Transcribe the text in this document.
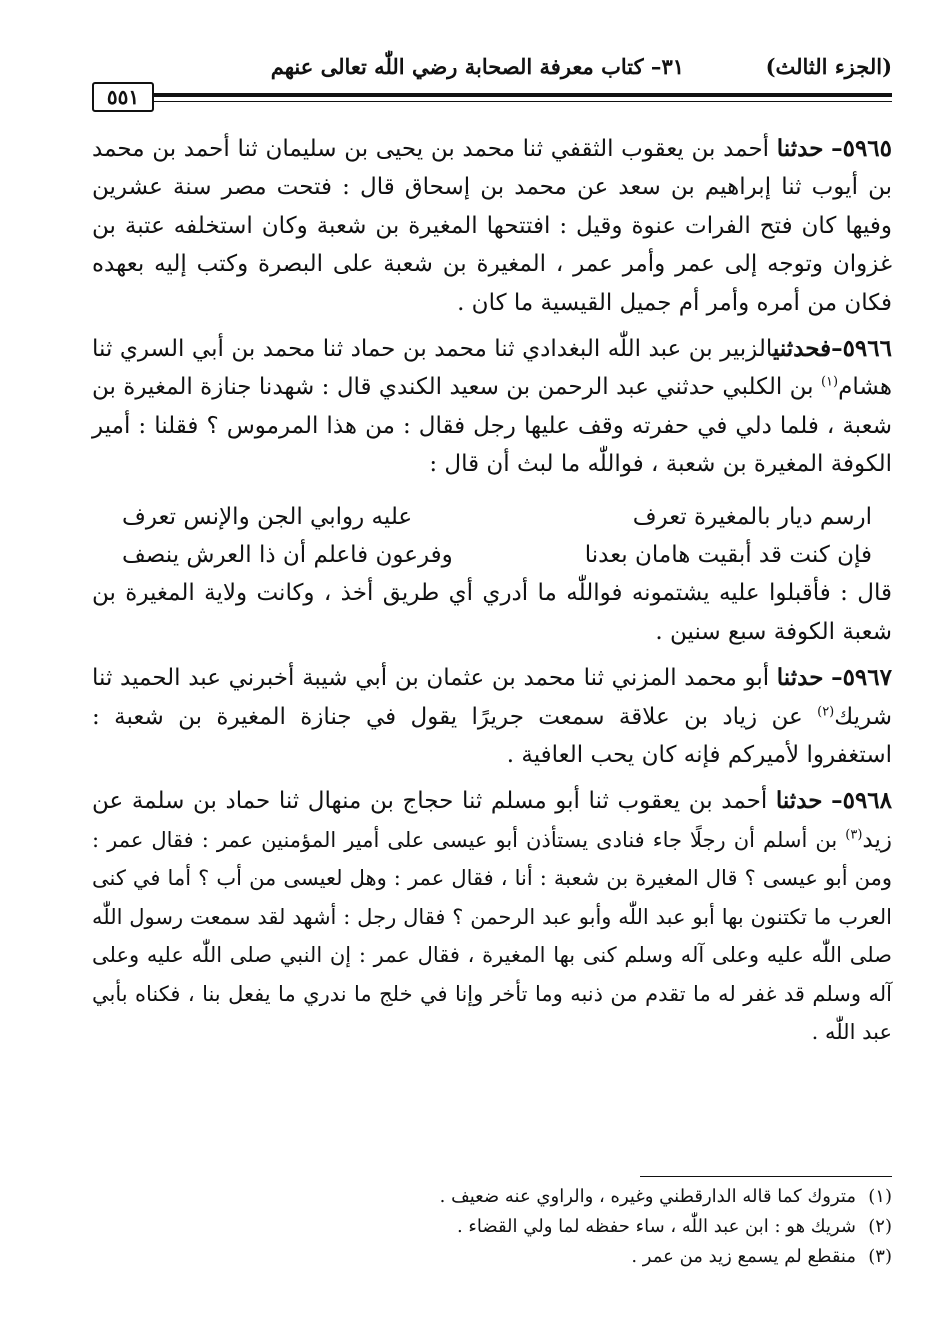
(الجزء الثالث)
٣١– كتاب معرفة الصحابة رضي اللّٰه تعالى عنهم
٥٥١

٥٩٦٥– حدثنا أحمد بن يعقوب الثقفي ثنا محمد بن يحيى بن سليمان ثنا أحمد بن محمد بن أيوب ثنا إبراهيم بن سعد عن محمد بن إسحاق قال : فتحت مصر سنة عشرين وفيها كان فتح الفرات عنوة وقيل : افتتحها المغيرة بن شعبة وكان استخلفه عتبة بن غزوان وتوجه إلى عمر وأمر عمر ، المغيرة بن شعبة على البصرة وكتب إليه بعهده فكان من أمره وأمر أم جميل القيسية ما كان .

٥٩٦٦–فحدثنيالزبير بن عبد اللّٰه البغدادي ثنا محمد بن حماد ثنا محمد بن أبي السري ثنا هشام$^{(١)}$ بن الكلبي حدثني عبد الرحمن بن سعيد الكندي قال : شهدنا جنازة المغيرة بن شعبة ، فلما دلي في حفرته وقف عليها رجل فقال : من هذا المرموس ؟ فقلنا : أمير الكوفة المغيرة بن شعبة ، فواللّٰه ما لبث أن قال :
ارسم ديار بالمغيرة تعرف
عليه روابي الجن والإنس تعرف
فإن كنت قد أبقيت هامان بعدنا
وفرعون فاعلم أن ذا العرش ينصف
قال : فأقبلوا عليه يشتمونه فواللّٰه ما أدري أي طريق أخذ ، وكانت ولاية المغيرة بن شعبة الكوفة سبع سنين .

٥٩٦٧– حدثنا أبو محمد المزني ثنا محمد بن عثمان بن أبي شيبة أخبرني عبد الحميد ثنا شريك$^{(٢)}$ عن زياد بن علاقة سمعت جريرًا يقول في جنازة المغيرة بن شعبة : استغفروا لأميركم فإنه كان يحب العافية .

٥٩٦٨– حدثنا أحمد بن يعقوب ثنا أبو مسلم ثنا حجاج بن منهال ثنا حماد بن سلمة عن زيد$^{(٣)}$ بن أسلم أن رجلًا جاء فنادى يستأذن أبو عيسى على أمير المؤمنين عمر : فقال عمر : ومن أبو عيسى ؟ قال المغيرة بن شعبة : أنا ، فقال عمر : وهل لعيسى من أب ؟ أما في كنى العرب ما تكتنون بها أبو عبد اللّٰه وأبو عبد الرحمن ؟ فقال رجل : أشهد لقد سمعت رسول اللّٰه صلى اللّٰه عليه وعلى آله وسلم كنى بها المغيرة ، فقال عمر : إن النبي صلى اللّٰه عليه وعلى آله وسلم قد غفر له ما تقدم من ذنبه وما تأخر وإنا في خلج ما ندري ما يفعل بنا ، فكناه بأبي عبد اللّٰه .

(١)
متروك كما قاله الدارقطني وغيره ، والراوي عنه ضعيف .
(٢)
شريك هو : ابن عبد اللّٰه ، ساء حفظه لما ولي القضاء .
(٣)
منقطع لم يسمع زيد من عمر .
